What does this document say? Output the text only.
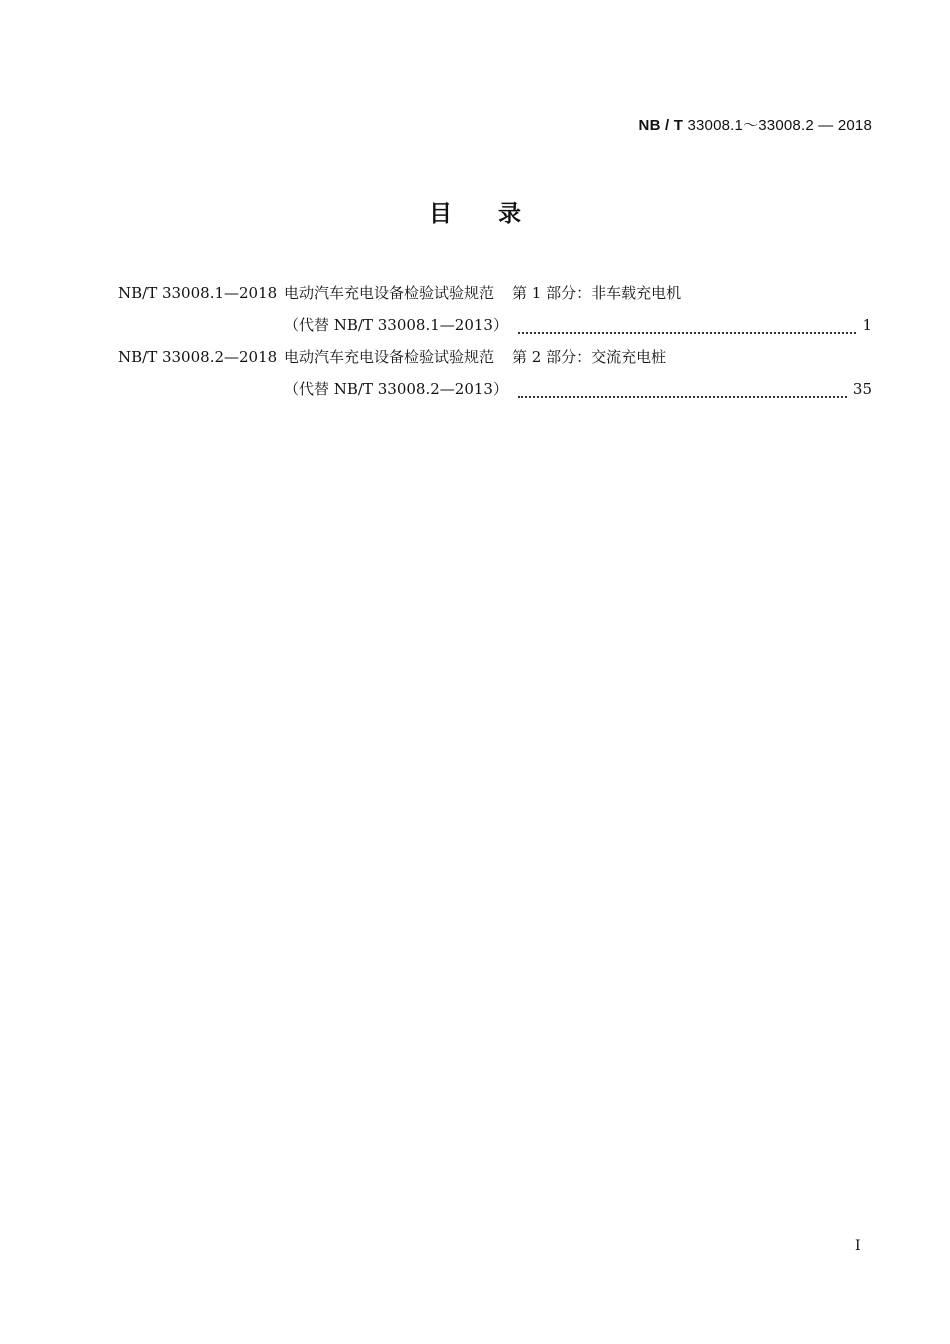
NB / T 33008.1～33008.2 — 2018
目　　录
NB/T 33008.1—2018 电动汽车充电设备检验试验规范 第 1 部分：非车载充电机
（代替 NB/T 33008.1—2013）	1
NB/T 33008.2—2018 电动汽车充电设备检验试验规范 第 2 部分：交流充电桩
（代替 NB/T 33008.2—2013）	35
I
